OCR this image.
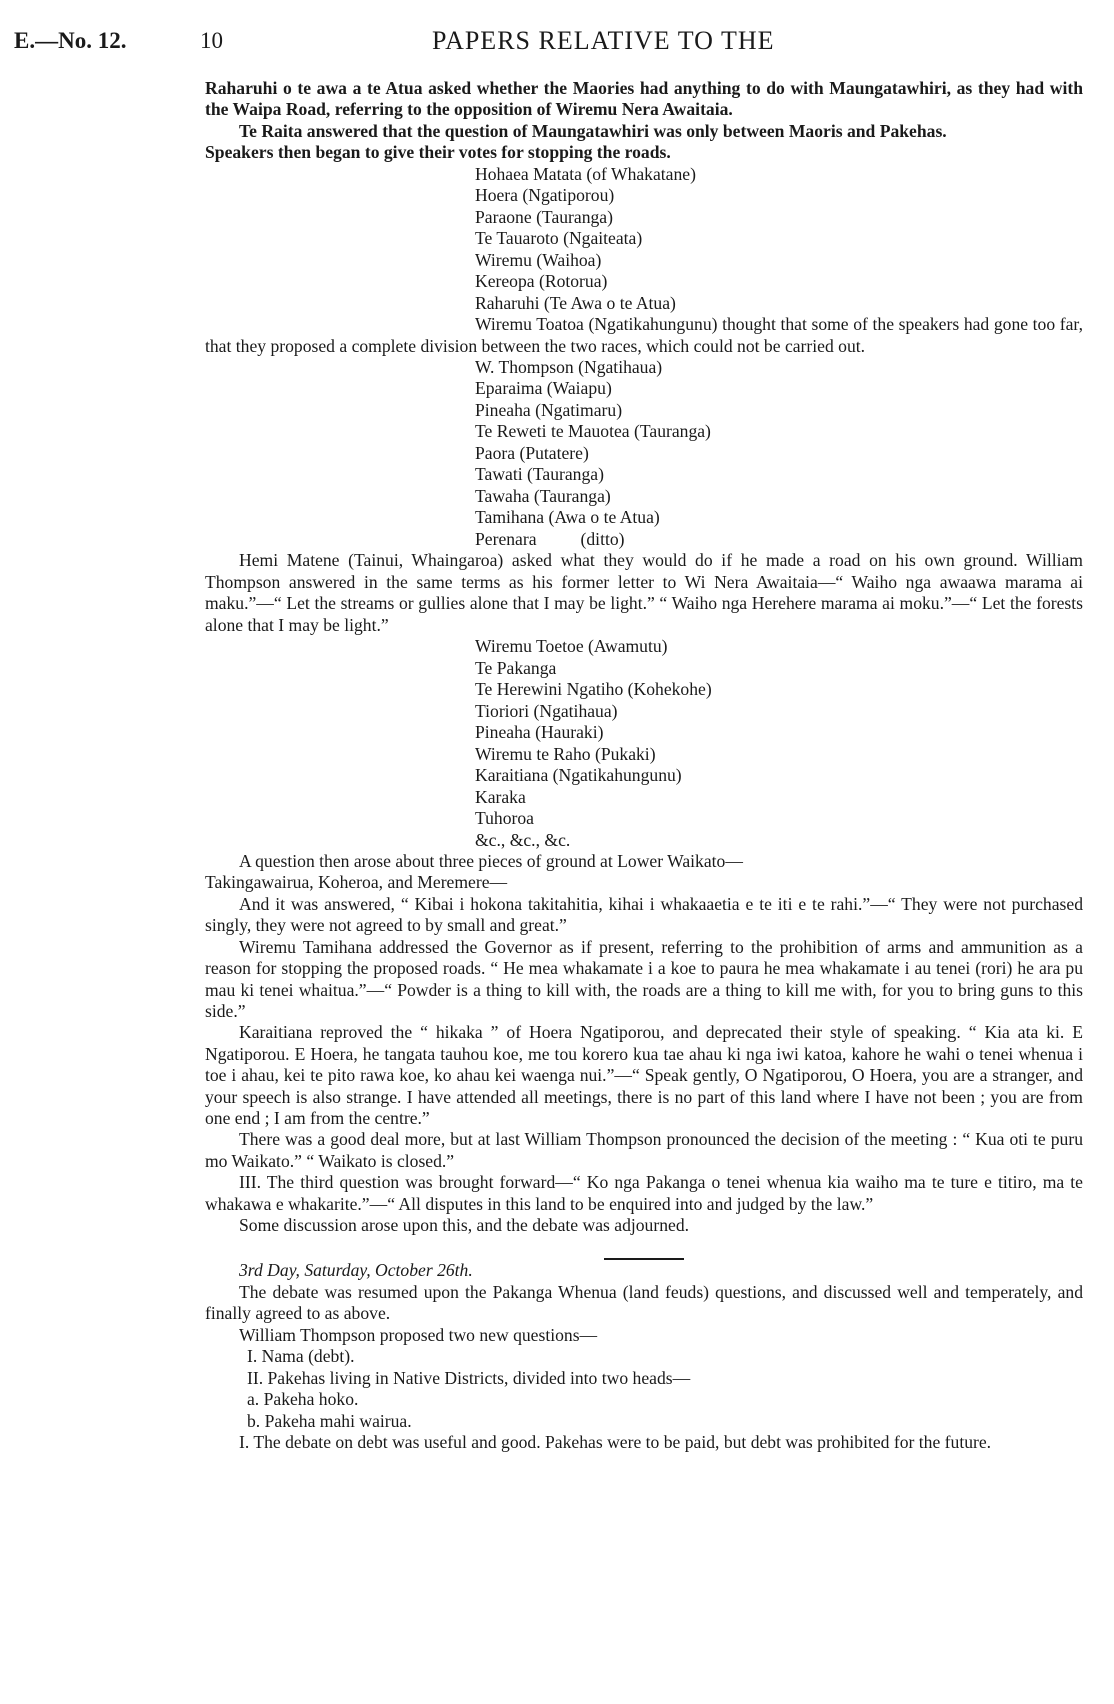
E.—No. 12.	10	PAPERS RELATIVE TO THE

Raharuhi o te awa a te Atua asked whether the Maories had anything to do with Maungatawhiri, as they had with the Waipa Road, referring to the opposition of Wiremu Nera Awaitaia.

Te Raita answered that the question of Maungatawhiri was only between Maoris and Pakehas.

Speakers then began to give their votes for stopping the roads.

Hohaea Matata (of Whakatane)
Hoera (Ngatiporou)
Paraone (Tauranga)
Te Tauaroto (Ngaiteata)
Wiremu (Waihoa)
Kereopa (Rotorua)
Raharuhi (Te Awa o te Atua)

Wiremu Toatoa (Ngatikahungunu) thought that some of the speakers had gone too far, that they proposed a complete division between the two races, which could not be carried out.

W. Thompson (Ngatihaua)
Eparaima (Waiapu)
Pineaha (Ngatimaru)
Te Reweti te Mauotea (Tauranga)
Paora (Putatere)
Tawati (Tauranga)
Tawaha (Tauranga)
Tamihana (Awa o te Atua)
Perenara          (ditto)

Hemi Matene (Tainui, Whaingaroa) asked what they would do if he made a road on his own ground. William Thompson answered in the same terms as his former letter to Wi Nera Awaitaia—“ Waiho nga awaawa marama ai maku.”—“ Let the streams or gullies alone that I may be light.” “ Waiho nga Herehere marama ai moku.”—“ Let the forests alone that I may be light.”

Wiremu Toetoe (Awamutu)
Te Pakanga
Te Herewini Ngatiho (Kohekohe)
Tioriori (Ngatihaua)
Pineaha (Hauraki)
Wiremu te Raho (Pukaki)
Karaitiana (Ngatikahungunu)
Karaka
Tuhoroa
&c., &c., &c.

A question then arose about three pieces of ground at Lower Waikato—

Takingawairua, Koheroa, and Meremere—

And it was answered, “ Kibai i hokona takitahitia, kihai i whakaaetia e te iti e te rahi.”—“ They were not purchased singly, they were not agreed to by small and great.”

Wiremu Tamihana addressed the Governor as if present, referring to the prohibition of arms and ammunition as a reason for stopping the proposed roads. “ He mea whakamate i a koe to paura he mea whakamate i au tenei (rori) he ara pu mau ki tenei whaitua.”—“ Powder is a thing to kill with, the roads are a thing to kill me with, for you to bring guns to this side.”

Karaitiana reproved the “ hikaka ” of Hoera Ngatiporou, and deprecated their style of speaking. “ Kia ata ki. E Ngatiporou. E Hoera, he tangata tauhou koe, me tou korero kua tae ahau ki nga iwi katoa, kahore he wahi o tenei whenua i toe i ahau, kei te pito rawa koe, ko ahau kei waenga nui.”—“ Speak gently, O Ngatiporou, O Hoera, you are a stranger, and your speech is also strange. I have attended all meetings, there is no part of this land where I have not been ; you are from one end ; I am from the centre.”

There was a good deal more, but at last William Thompson pronounced the decision of the meeting : “ Kua oti te puru mo Waikato.” “ Waikato is closed.”

III. The third question was brought forward—“ Ko nga Pakanga o tenei whenua kia waiho ma te ture e titiro, ma te whakawa e whakarite.”—“ All disputes in this land to be enquired into and judged by the law.”

Some discussion arose upon this, and the debate was adjourned.

3rd Day, Saturday, October 26th.

The debate was resumed upon the Pakanga Whenua (land feuds) questions, and discussed well and temperately, and finally agreed to as above.

William Thompson proposed two new questions—

I. Nama (debt).
II. Pakehas living in Native Districts, divided into two heads—
a. Pakeha hoko.
b. Pakeha mahi wairua.

I. The debate on debt was useful and good. Pakehas were to be paid, but debt was prohibited for the future.
